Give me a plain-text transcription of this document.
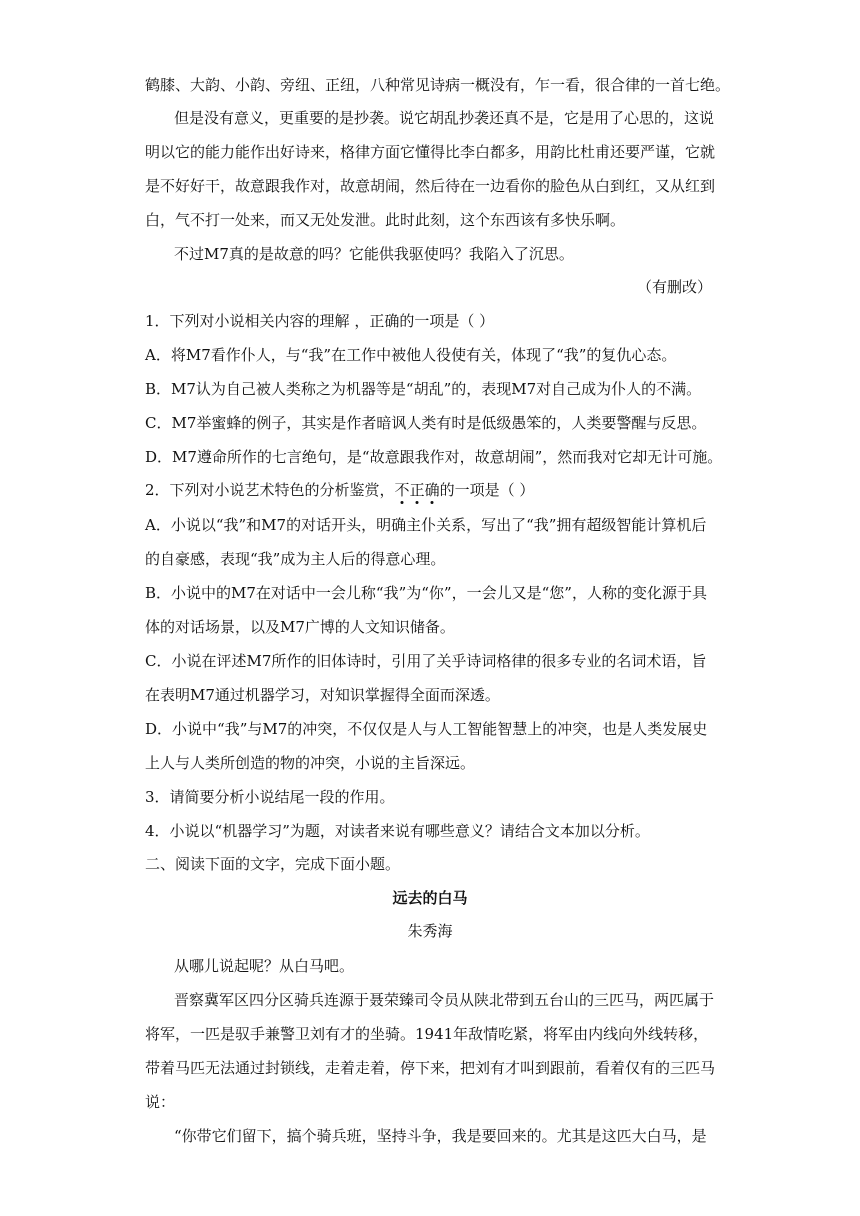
鹤膝、大韵、小韵、旁纽、正纽，八种常见诗病一概没有，乍一看，很合律的一首七绝。
但是没有意义，更重要的是抄袭。说它胡乱抄袭还真不是，它是用了心思的，这说
明以它的能力能作出好诗来，格律方面它懂得比李白都多，用韵比杜甫还要严谨，它就
是不好好干，故意跟我作对，故意胡闹，然后待在一边看你的脸色从白到红，又从红到
白，气不打一处来，而又无处发泄。此时此刻，这个东西该有多快乐啊。
不过M7真的是故意的吗？它能供我驱使吗？我陷入了沉思。
（有删改）
1．下列对小说相关内容的理解 ，正确的一项是（ ）
A．将M7看作仆人，与“我”在工作中被他人役使有关，体现了“我”的复仇心态。
B．M7认为自己被人类称之为机器等是“胡乱”的，表现M7对自己成为仆人的不满。
C．M7举蜜蜂的例子，其实是作者暗讽人类有时是低级愚笨的，人类要警醒与反思。
D．M7遵命所作的七言绝句，是“故意跟我作对，故意胡闹”，然而我对它却无计可施。
2．下列对小说艺术特色的分析鉴赏，不正确的一项是（ ）
A．小说以“我”和M7的对话开头，明确主仆关系，写出了“我”拥有超级智能计算机后
的自豪感，表现“我”成为主人后的得意心理。
B．小说中的M7在对话中一会儿称“我”为“你”，一会儿又是“您”，人称的变化源于具
体的对话场景，以及M7广博的人文知识储备。
C．小说在评述M7所作的旧体诗时，引用了关乎诗词格律的很多专业的名词术语，旨
在表明M7通过机器学习，对知识掌握得全面而深透。
D．小说中“我”与M7的冲突，不仅仅是人与人工智能智慧上的冲突，也是人类发展史
上人与人类所创造的物的冲突，小说的主旨深远。
3．请简要分析小说结尾一段的作用。
4．小说以“机器学习”为题，对读者来说有哪些意义？请结合文本加以分析。
二、阅读下面的文字，完成下面小题。
远去的白马
朱秀海
从哪儿说起呢？从白马吧。
晋察冀军区四分区骑兵连源于聂荣臻司令员从陕北带到五台山的三匹马，两匹属于
将军，一匹是驭手兼警卫刘有才的坐骑。1941年敌情吃紧，将军由内线向外线转移，
带着马匹无法通过封锁线，走着走着，停下来，把刘有才叫到跟前，看着仅有的三匹马
说：
“你带它们留下，搞个骑兵班，坚持斗争，我是要回来的。尤其是这匹大白马，是
